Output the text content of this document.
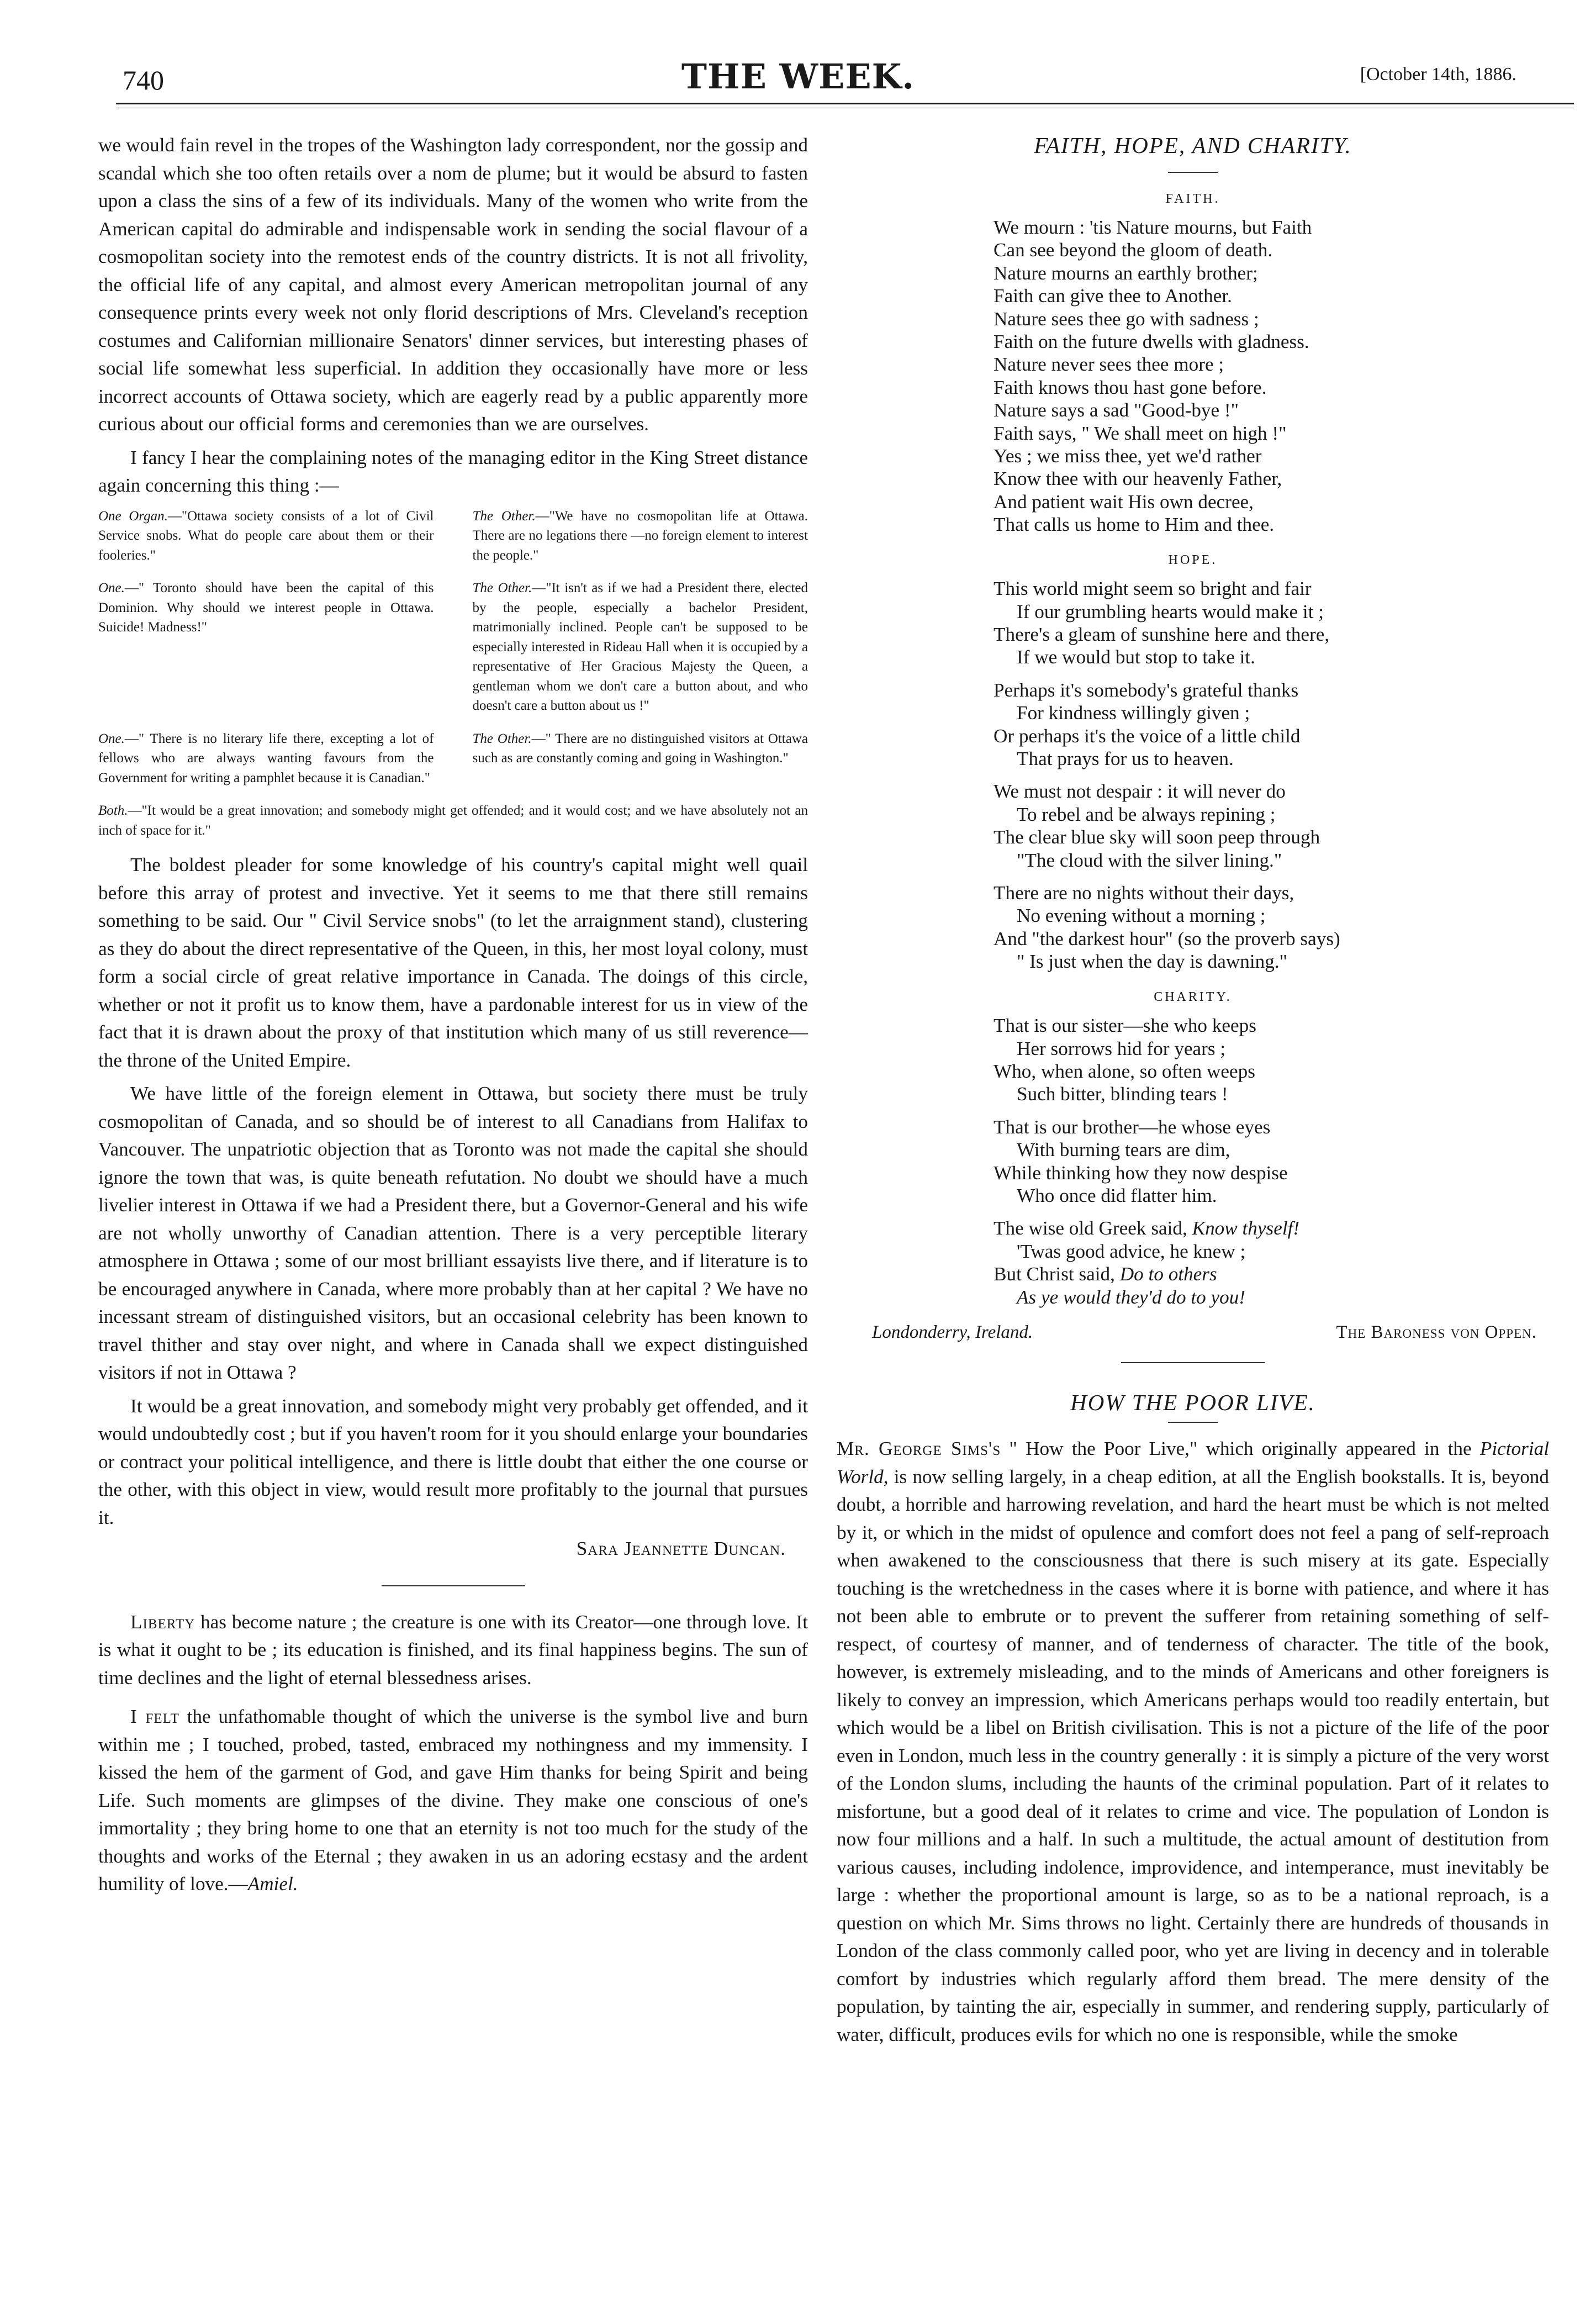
740	THE WEEK.	[October 14th, 1886.

we would fain revel in the tropes of the Washington lady correspondent, nor the gossip and scandal which she too often retails over a nom de plume; but it would be absurd to fasten upon a class the sins of a few of its individuals. Many of the women who write from the American capital do admirable and indispensable work in sending the social flavour of a cosmopolitan society into the remotest ends of the country districts. It is not all frivolity, the official life of any capital, and almost every American metropolitan journal of any consequence prints every week not only florid descriptions of Mrs. Cleveland's reception costumes and Californian millionaire Senators' dinner services, but interesting phases of social life somewhat less superficial. In addition they occasionally have more or less incorrect accounts of Ottawa society, which are eagerly read by a public apparently more curious about our official forms and ceremonies than we are ourselves.

I fancy I hear the complaining notes of the managing editor in the King Street distance again concerning this thing :—

One Organ.—"Ottawa society consists of a lot of Civil Service snobs. What do people care about them or their fooleries."

The Other.—"We have no cosmopolitan life at Ottawa. There are no legations there —no foreign element to interest the people."

One.—" Toronto should have been the capital of this Dominion. Why should we interest people in Ottawa. Suicide! Madness!"

The Other.—"It isn't as if we had a President there, elected by the people, especially a bachelor President, matrimonially inclined. People can't be supposed to be especially interested in Rideau Hall when it is occupied by a representative of Her Gracious Majesty the Queen, a gentleman whom we don't care a button about, and who doesn't care a button about us !"

One.—" There is no literary life there, excepting a lot of fellows who are always wanting favours from the Government for writing a pamphlet because it is Canadian."

The Other.—" There are no distinguished visitors at Ottawa such as are constantly coming and going in Washington."

Both.—"It would be a great innovation; and somebody might get offended; and it would cost; and we have absolutely not an inch of space for it."

The boldest pleader for some knowledge of his country's capital might well quail before this array of protest and invective. Yet it seems to me that there still remains something to be said. Our " Civil Service snobs" (to let the arraignment stand), clustering as they do about the direct representative of the Queen, in this, her most loyal colony, must form a social circle of great relative importance in Canada. The doings of this circle, whether or not it profit us to know them, have a pardonable interest for us in view of the fact that it is drawn about the proxy of that institution which many of us still reverence—the throne of the United Empire.

We have little of the foreign element in Ottawa, but society there must be truly cosmopolitan of Canada, and so should be of interest to all Canadians from Halifax to Vancouver. The unpatriotic objection that as Toronto was not made the capital she should ignore the town that was, is quite beneath refutation. No doubt we should have a much livelier interest in Ottawa if we had a President there, but a Governor-General and his wife are not wholly unworthy of Canadian attention. There is a very perceptible literary atmosphere in Ottawa ; some of our most brilliant essayists live there, and if literature is to be encouraged anywhere in Canada, where more probably than at her capital ? We have no incessant stream of distinguished visitors, but an occasional celebrity has been known to travel thither and stay over night, and where in Canada shall we expect distinguished visitors if not in Ottawa ?

It would be a great innovation, and somebody might very probably get offended, and it would undoubtedly cost ; but if you haven't room for it you should enlarge your boundaries or contract your political intelligence, and there is little doubt that either the one course or the other, with this object in view, would result more profitably to the journal that pursues it.

Sara Jeannette Duncan.

Liberty has become nature ; the creature is one with its Creator—one through love. It is what it ought to be ; its education is finished, and its final happiness begins. The sun of time declines and the light of eternal blessedness arises.

I felt the unfathomable thought of which the universe is the symbol live and burn within me ; I touched, probed, tasted, embraced my nothingness and my immensity. I kissed the hem of the garment of God, and gave Him thanks for being Spirit and being Life. Such moments are glimpses of the divine. They make one conscious of one's immortality ; they bring home to one that an eternity is not too much for the study of the thoughts and works of the Eternal ; they awaken in us an adoring ecstasy and the ardent humility of love.—Amiel.

FAITH, HOPE, AND CHARITY.
FAITH.
We mourn : 'tis Nature mourns, but Faith
Can see beyond the gloom of death.
Nature mourns an earthly brother;
Faith can give thee to Another.
Nature sees thee go with sadness ;
Faith on the future dwells with gladness.
Nature never sees thee more ;
Faith knows thou hast gone before.
Nature says a sad "Good-bye !"
Faith says, " We shall meet on high !"
Yes ; we miss thee, yet we'd rather
Know thee with our heavenly Father,
And patient wait His own decree,
That calls us home to Him and thee.
HOPE.
This world might seem so bright and fair
If our grumbling hearts would make it ;
There's a gleam of sunshine here and there,
If we would but stop to take it.
Perhaps it's somebody's grateful thanks
For kindness willingly given ;
Or perhaps it's the voice of a little child
That prays for us to heaven.
We must not despair : it will never do
To rebel and be always repining ;
The clear blue sky will soon peep through
"The cloud with the silver lining."
There are no nights without their days,
No evening without a morning ;
And "the darkest hour" (so the proverb says)
" Is just when the day is dawning."
CHARITY.
That is our sister—she who keeps
Her sorrows hid for years ;
Who, when alone, so often weeps
Such bitter, blinding tears !
That is our brother—he whose eyes
With burning tears are dim,
While thinking how they now despise
Who once did flatter him.
The wise old Greek said, Know thyself!
'Twas good advice, he knew ;
But Christ said, Do to others
As ye would they'd do to you!
Londonderry, Ireland.	The Baroness von Oppen.
HOW THE POOR LIVE.

Mr. George Sims's " How the Poor Live," which originally appeared in the Pictorial World, is now selling largely, in a cheap edition, at all the English bookstalls. It is, beyond doubt, a horrible and harrowing revelation, and hard the heart must be which is not melted by it, or which in the midst of opulence and comfort does not feel a pang of self-reproach when awakened to the consciousness that there is such misery at its gate. Especially touching is the wretchedness in the cases where it is borne with patience, and where it has not been able to embrute or to prevent the sufferer from retaining something of self-respect, of courtesy of manner, and of tenderness of character. The title of the book, however, is extremely misleading, and to the minds of Americans and other foreigners is likely to convey an impression, which Americans perhaps would too readily entertain, but which would be a libel on British civilisation. This is not a picture of the life of the poor even in London, much less in the country generally : it is simply a picture of the very worst of the London slums, including the haunts of the criminal population. Part of it relates to misfortune, but a good deal of it relates to crime and vice. The population of London is now four millions and a half. In such a multitude, the actual amount of destitution from various causes, including indolence, improvidence, and intemperance, must inevitably be large : whether the proportional amount is large, so as to be a national reproach, is a question on which Mr. Sims throws no light. Certainly there are hundreds of thousands in London of the class commonly called poor, who yet are living in decency and in tolerable comfort by industries which regularly afford them bread. The mere density of the population, by tainting the air, especially in summer, and rendering supply, particularly of water, difficult, produces evils for which no one is responsible, while the smoke
